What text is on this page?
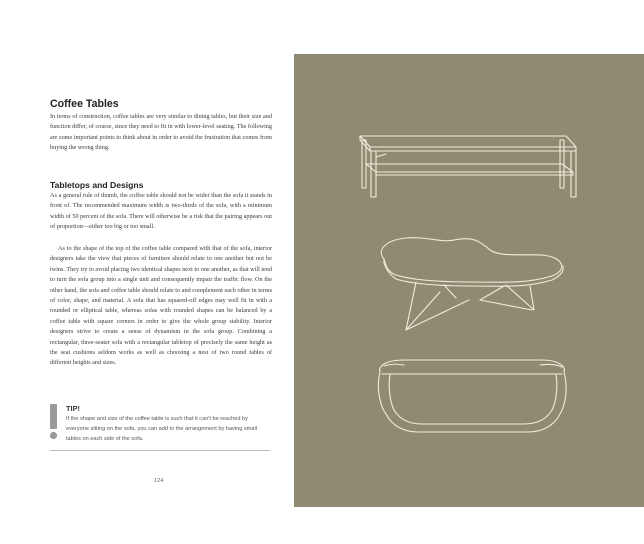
Coffee Tables

In terms of construction, coffee tables are very similar to dining tables, but their size and function differ, of course, since they need to fit in with lower-level seating. The following are some important points to think about in order to avoid the frustration that comes from buying the wrong thing.

Tabletops and Designs

As a general rule of thumb, the coffee table should not be wider than the sofa it stands in front of. The recommended maximum width is two-thirds of the sofa, with a minimum width of 50 percent of the sofa. There will otherwise be a risk that the pairing appears out of proportion—either too big or too small.

As to the shape of the top of the coffee table compared with that of the sofa, interior designers take the view that pieces of furniture should relate to one another but not be twins. They try to avoid placing two identical shapes next to one another, as that will tend to turn the sofa group into a single unit and consequently impair the traffic flow. On the other hand, the sofa and coffee table should relate to and complement each other in terms of color, shape, and material. A sofa that has squared-off edges may well fit in with a rounded or elliptical table, whereas sofas with rounded shapes can be balanced by a coffee table with square corners in order to give the whole group stability. Interior designers strive to create a sense of dynamism in the sofa group. Combining a rectangular, three-seater sofa with a rectangular tabletop of precisely the same height as the seat cushions seldom works as well as choosing a nest of two round tables of different heights and sizes.

TIP!

If the shape and size of the coffee table is such that it can't be reached by everyone sitting on the sofa, you can add to the arrangement by having small tables on each side of the sofa.

124
